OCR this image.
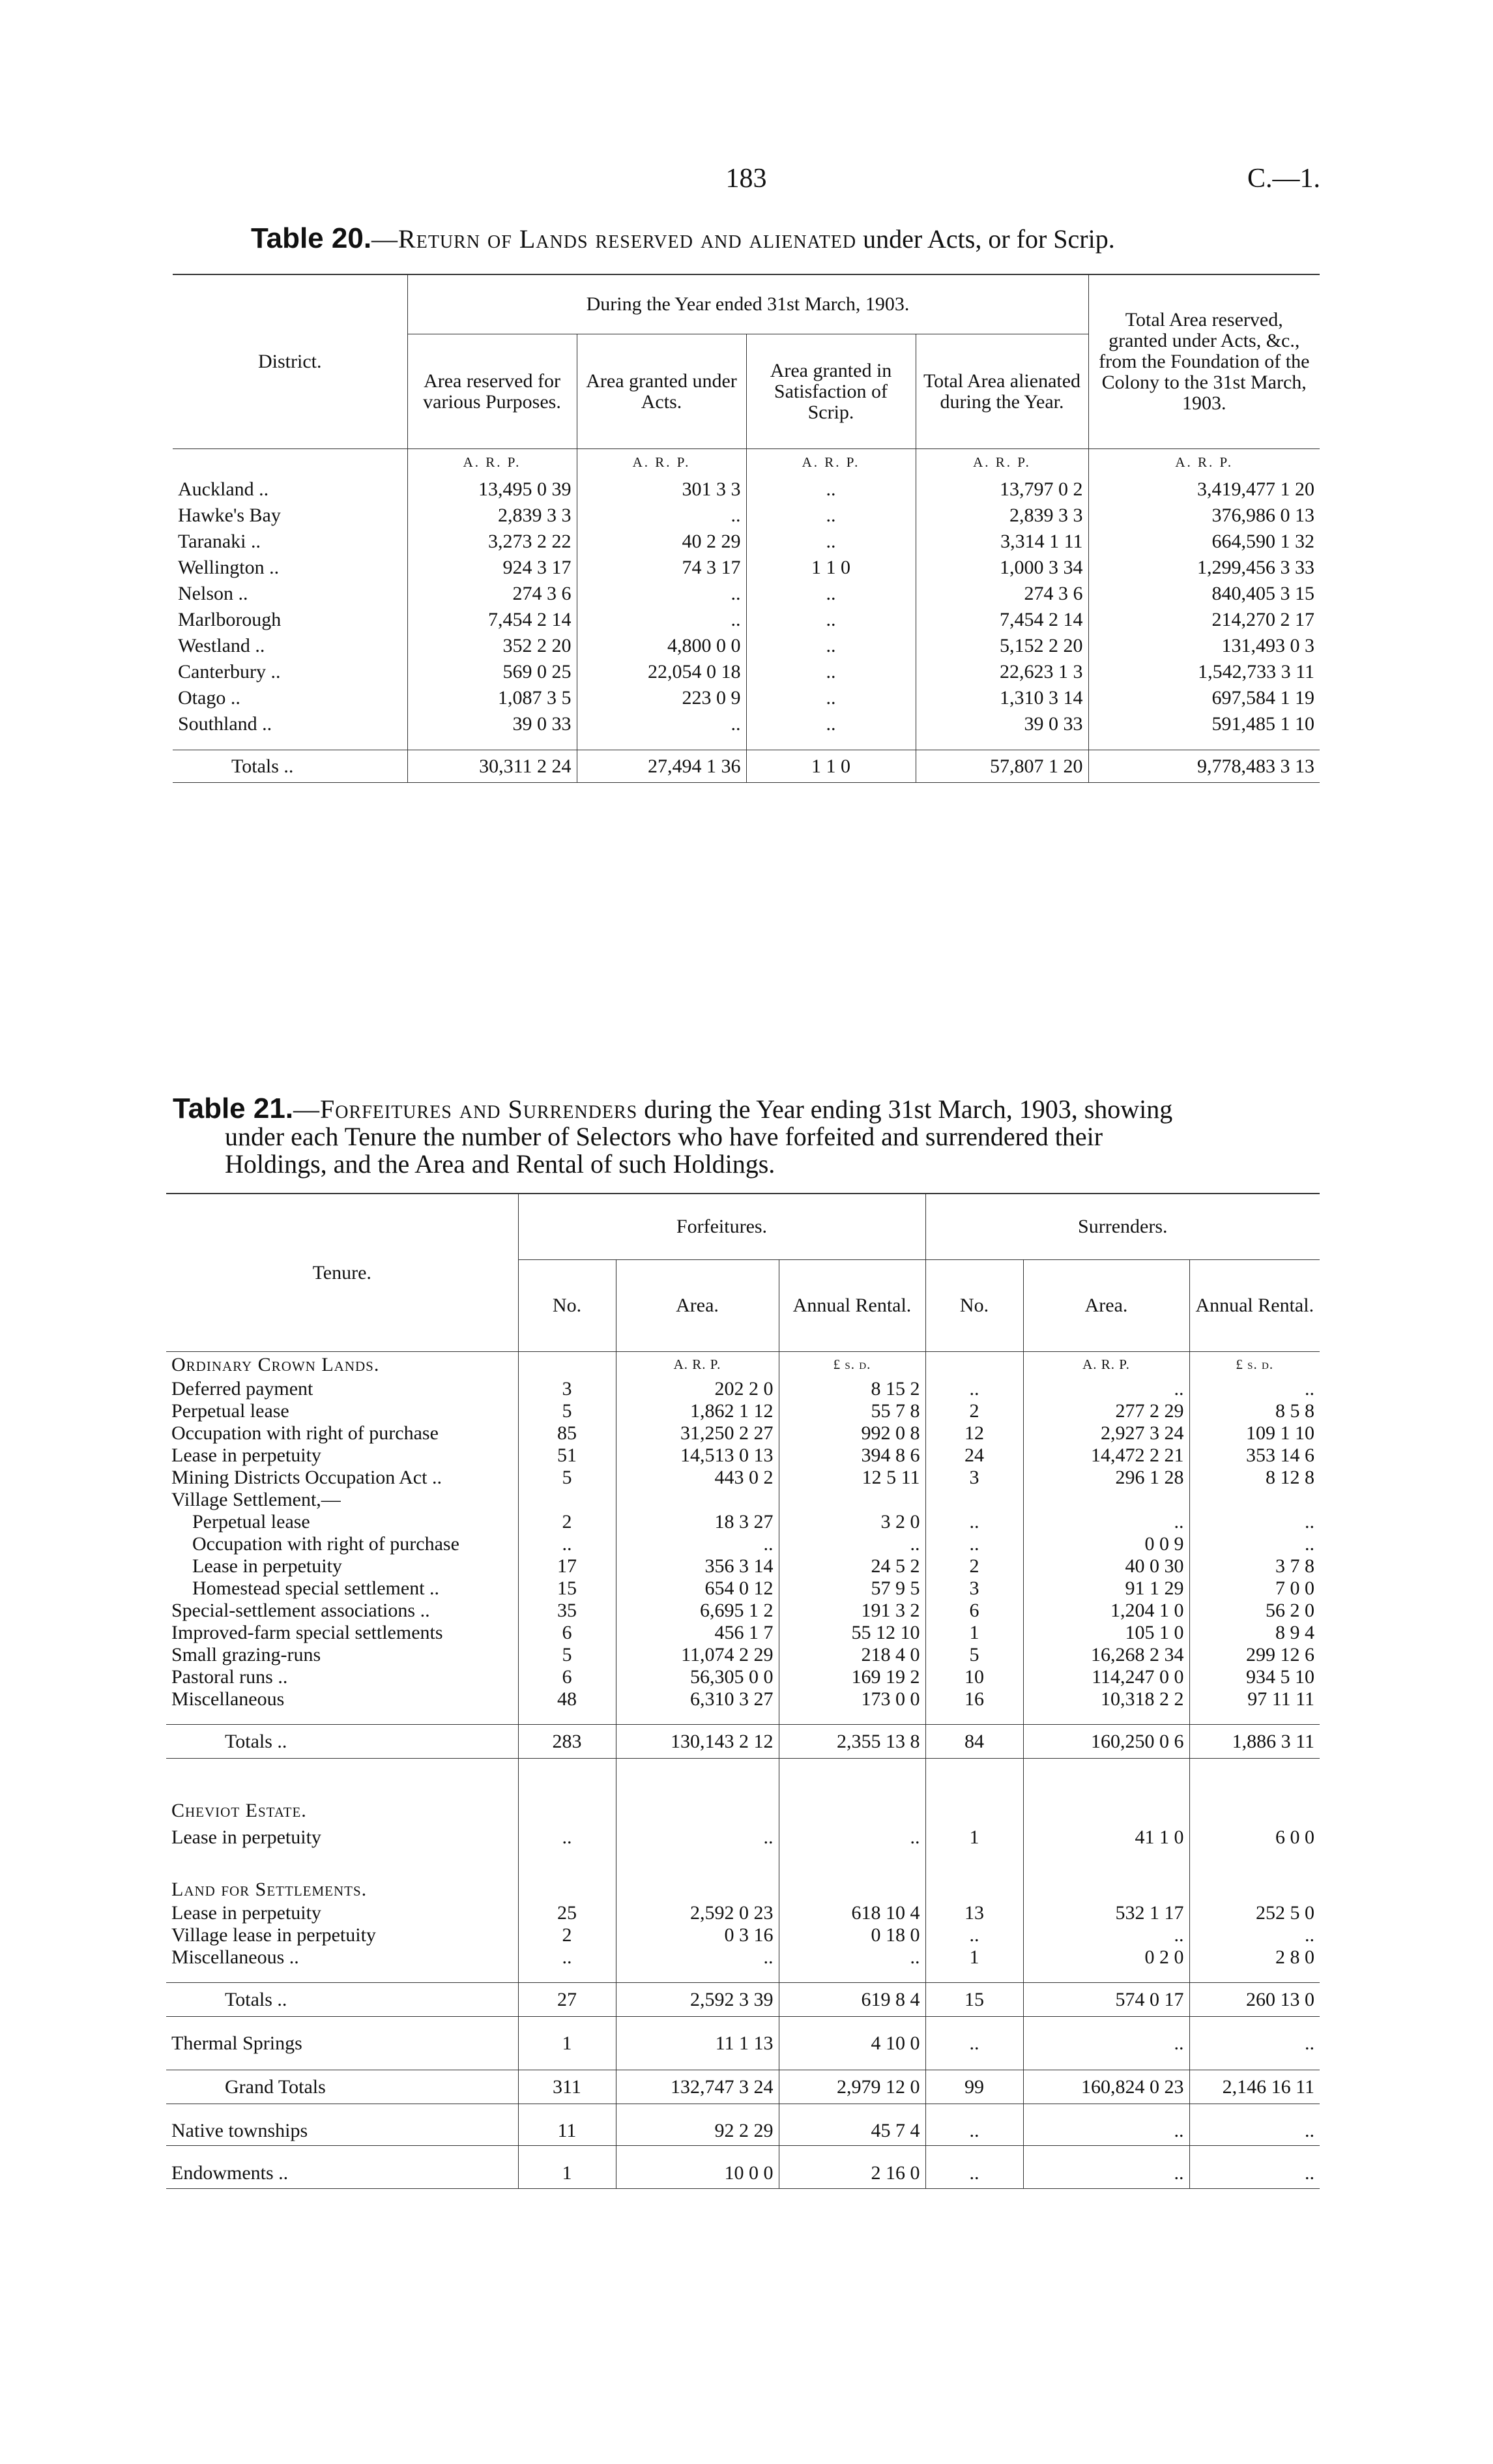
183	C.—1.
Table 20.—Return of Lands reserved and alienated under Acts, or for Scrip.
District.	During the Year ended 31st March, 1903.				Total Area reserved, granted under Acts, &c., from the Foundation of the Colony to the 31st March, 1903.
	Area reserved for various Purposes.	Area granted under Acts.	Area granted in Satisfaction of Scrip.	Total Area alienated during the Year.	
	A. R. P.	A. R. P.	A. R. P.	A. R. P.	A. R. P.
Auckland ..	13,495 0 39	301 3 3	..	13,797 0 2	3,419,477 1 20
Hawke's Bay	2,839 3 3	..	..	2,839 3 3	376,986 0 13
Taranaki ..	3,273 2 22	40 2 29	..	3,314 1 11	664,590 1 32
Wellington ..	924 3 17	74 3 17	1 1 0	1,000 3 34	1,299,456 3 33
Nelson ..	274 3 6	..	..	274 3 6	840,405 3 15
Marlborough	7,454 2 14	..	..	7,454 2 14	214,270 2 17
Westland ..	352 2 20	4,800 0 0	..	5,152 2 20	131,493 0 3
Canterbury ..	569 0 25	22,054 0 18	..	22,623 1 3	1,542,733 3 11
Otago ..	1,087 3 5	223 0 9	..	1,310 3 14	697,584 1 19
Southland ..	39 0 33	..	..	39 0 33	591,485 1 10

Totals ..	30,311 2 24	27,494 1 36	1 1 0	57,807 1 20	9,778,483 3 13
Table 21.—Forfeitures and Surrenders during the Year ending 31st March, 1903, showing
under each Tenure the number of Selectors who have forfeited and surrendered their
Holdings, and the Area and Rental of such Holdings.
Tenure.	Forfeitures.			Surrenders.		
	No.	Area.	Annual Rental.	No.	Area.	Annual Rental.
Ordinary Crown Lands.		A. R. P.	£ s. d.		A. R. P.	£ s. d.
Deferred payment	3	202 2 0	8 15 2	..	..	..
Perpetual lease	5	1,862 1 12	55 7 8	2	277 2 29	8 5 8
Occupation with right of purchase	85	31,250 2 27	992 0 8	12	2,927 3 24	109 1 10
Lease in perpetuity	51	14,513 0 13	394 8 6	24	14,472 2 21	353 14 6
Mining Districts Occupation Act ..	5	443 0 2	12 5 11	3	296 1 28	8 12 8
Village Settlement,—						
Perpetual lease	2	18 3 27	3 2 0	..	..	..
Occupation with right of purchase	..	..	..	..	0 0 9	..
Lease in perpetuity	17	356 3 14	24 5 2	2	40 0 30	3 7 8
Homestead special settlement ..	15	654 0 12	57 9 5	3	91 1 29	7 0 0
Special-settlement associations ..	35	6,695 1 2	191 3 2	6	1,204 1 0	56 2 0
Improved-farm special settlements	6	456 1 7	55 12 10	1	105 1 0	8 9 4
Small grazing-runs	5	11,074 2 29	218 4 0	5	16,268 2 34	299 12 6
Pastoral runs ..	6	56,305 0 0	169 19 2	10	114,247 0 0	934 5 10
Miscellaneous	48	6,310 3 27	173 0 0	16	10,318 2 2	97 11 11

Totals ..	283	130,143 2 12	2,355 13 8	84	160,250 0 6	1,886 3 11

Cheviot Estate.						
Lease in perpetuity	..	..	..	1	41 1 0	6 0 0

Land for Settlements.						
Lease in perpetuity	25	2,592 0 23	618 10 4	13	532 1 17	252 5 0
Village lease in perpetuity	2	0 3 16	0 18 0	..	..	..
Miscellaneous ..	..	..	..	1	0 2 0	2 8 0

Totals ..	27	2,592 3 39	619 8 4	15	574 0 17	260 13 0

Thermal Springs	1	11 1 13	4 10 0	..	..	..

Grand Totals	311	132,747 3 24	2,979 12 0	99	160,824 0 23	2,146 16 11

Native townships	11	92 2 29	45 7 4	..	..	..

Endowments ..	1	10 0 0	2 16 0	..	..	..
